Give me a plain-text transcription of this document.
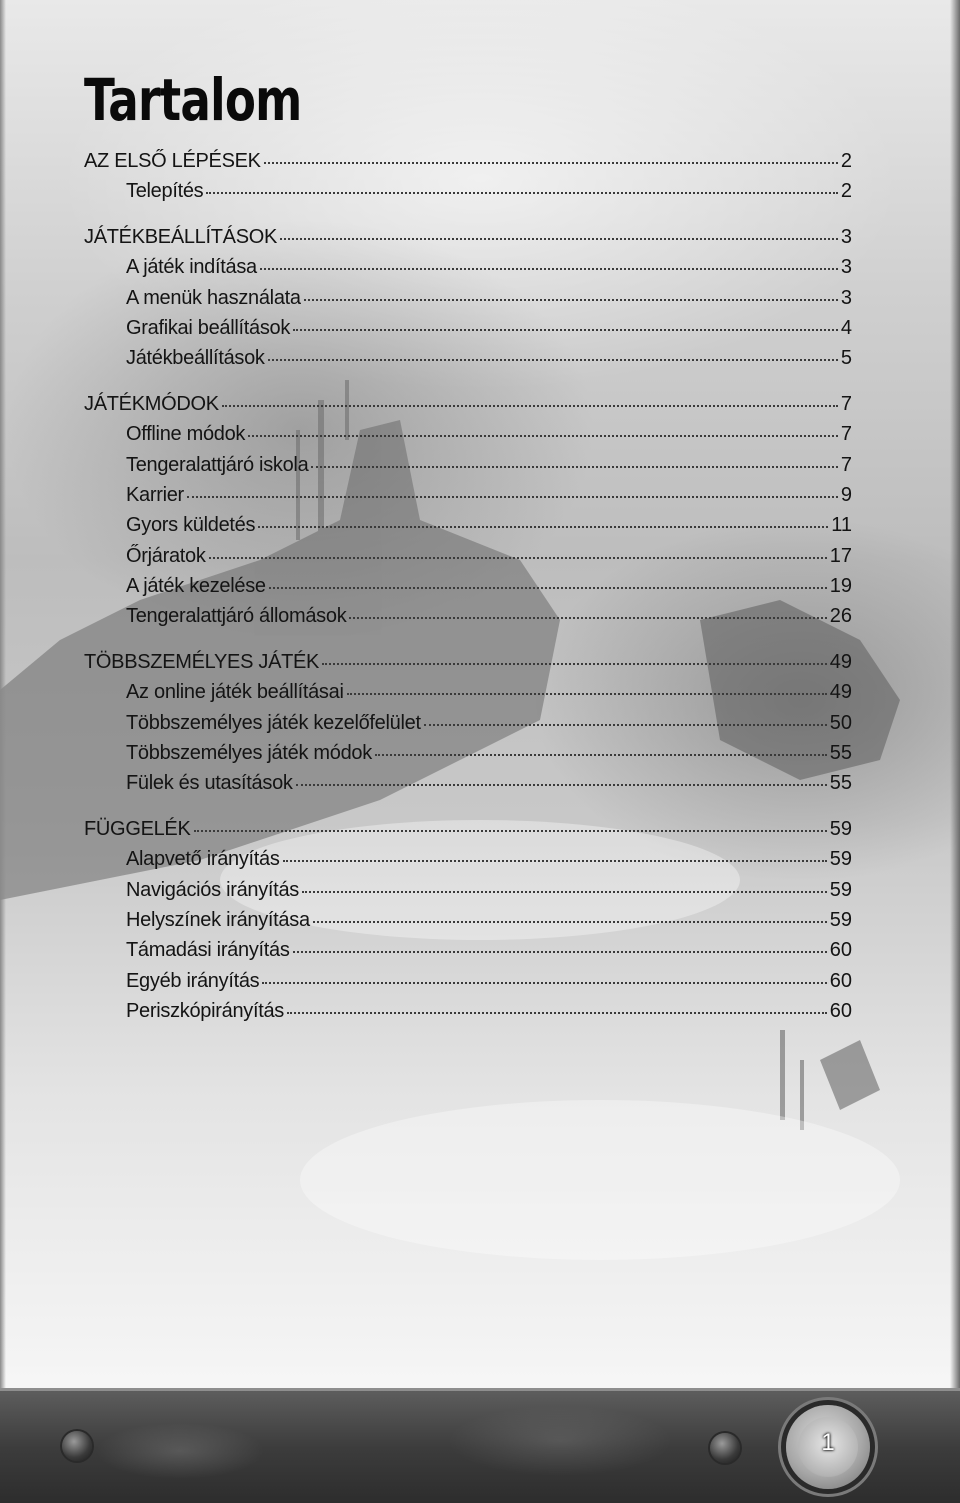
Tartalom
AZ ELSŐ LÉPÉSEK	2
Telepítés	2
JÁTÉKBEÁLLÍTÁSOK	3
A játék indítása	3
A menük használata	3
Grafikai beállítások	4
Játékbeállítások	5
JÁTÉKMÓDOK	7
Offline módok	7
Tengeralattjáró iskola	7
Karrier	9
Gyors küldetés	11
Őrjáratok	17
A játék kezelése	19
Tengeralattjáró állomások	26
TÖBBSZEMÉLYES JÁTÉK	49
Az online játék beállításai	49
Többszemélyes játék kezelőfelület	50
Többszemélyes játék módok	55
Fülek és utasítások	55
FÜGGELÉK	59
Alapvető irányítás	59
Navigációs irányítás	59
Helyszínek irányítása	59
Támadási irányítás	60
Egyéb irányítás	60
Periszkópirányítás	60
1
